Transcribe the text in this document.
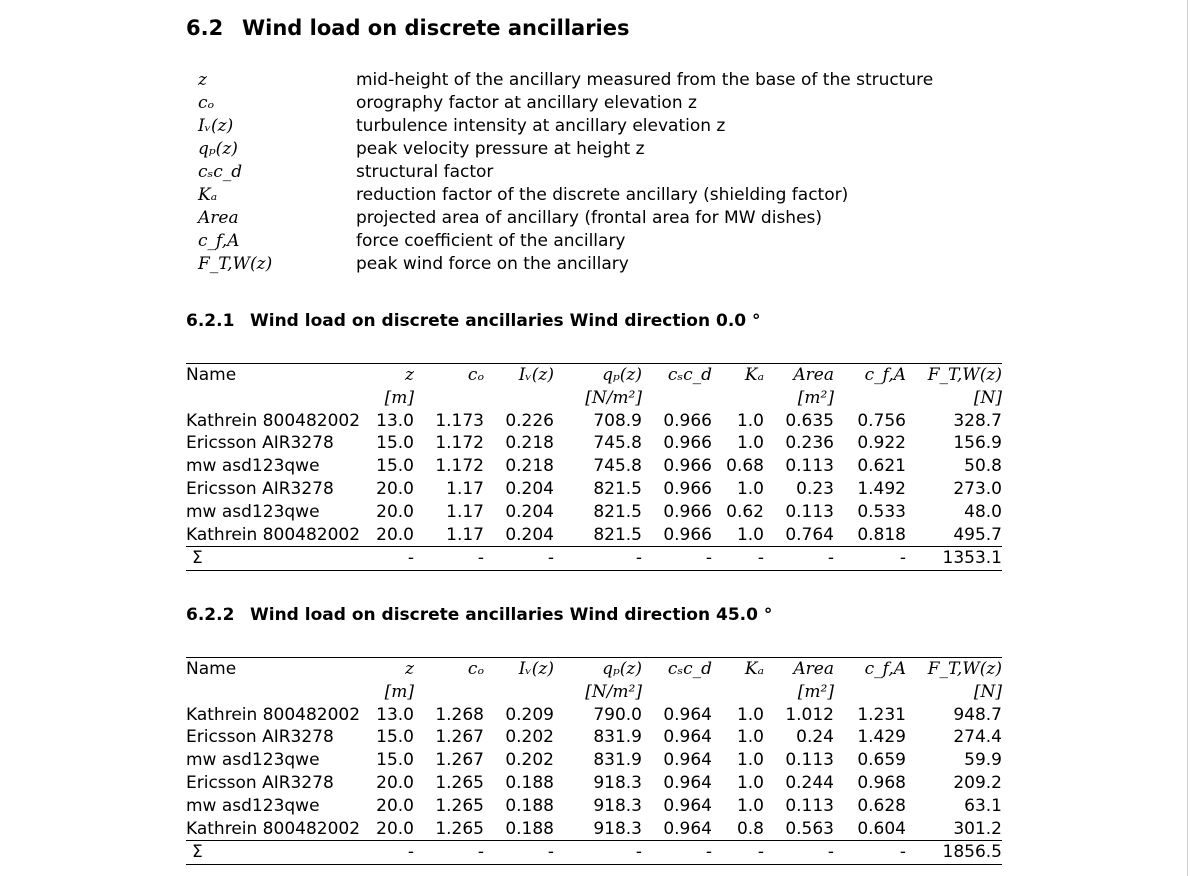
6.2 Wind load on discrete ancillaries
z	mid-height of the ancillary measured from the base of the structure
cₒ	orography factor at ancillary elevation z
Iᵥ(z)	turbulence intensity at ancillary elevation z
qₚ(z)	peak velocity pressure at height z
cₛc_d	structural factor
Kₐ	reduction factor of the discrete ancillary (shielding factor)
Area	projected area of ancillary (frontal area for MW dishes)
c_f,A	force coefficient of the ancillary
F_T,W(z)	peak wind force on the ancillary
6.2.1 Wind load on discrete ancillaries Wind direction 0.0 °
Name	z	cₒ	Iᵥ(z)	qₚ(z)	cₛc_d	Kₐ	Area	c_f,A	F_T,W(z)
	[m]			[N/m²]			[m²]		[N]
Kathrein 800482002	13.0	1.173	0.226	708.9	0.966	1.0	0.635	0.756	328.7
Ericsson AIR3278	15.0	1.172	0.218	745.8	0.966	1.0	0.236	0.922	156.9
mw asd123qwe	15.0	1.172	0.218	745.8	0.966	0.68	0.113	0.621	50.8
Ericsson AIR3278	20.0	1.17	0.204	821.5	0.966	1.0	0.23	1.492	273.0
mw asd123qwe	20.0	1.17	0.204	821.5	0.966	0.62	0.113	0.533	48.0
Kathrein 800482002	20.0	1.17	0.204	821.5	0.966	1.0	0.764	0.818	495.7
Σ	-	-	-	-	-	-	-	-	1353.1
6.2.2 Wind load on discrete ancillaries Wind direction 45.0 °
Name	z	cₒ	Iᵥ(z)	qₚ(z)	cₛc_d	Kₐ	Area	c_f,A	F_T,W(z)
	[m]			[N/m²]			[m²]		[N]
Kathrein 800482002	13.0	1.268	0.209	790.0	0.964	1.0	1.012	1.231	948.7
Ericsson AIR3278	15.0	1.267	0.202	831.9	0.964	1.0	0.24	1.429	274.4
mw asd123qwe	15.0	1.267	0.202	831.9	0.964	1.0	0.113	0.659	59.9
Ericsson AIR3278	20.0	1.265	0.188	918.3	0.964	1.0	0.244	0.968	209.2
mw asd123qwe	20.0	1.265	0.188	918.3	0.964	1.0	0.113	0.628	63.1
Kathrein 800482002	20.0	1.265	0.188	918.3	0.964	0.8	0.563	0.604	301.2
Σ	-	-	-	-	-	-	-	-	1856.5
